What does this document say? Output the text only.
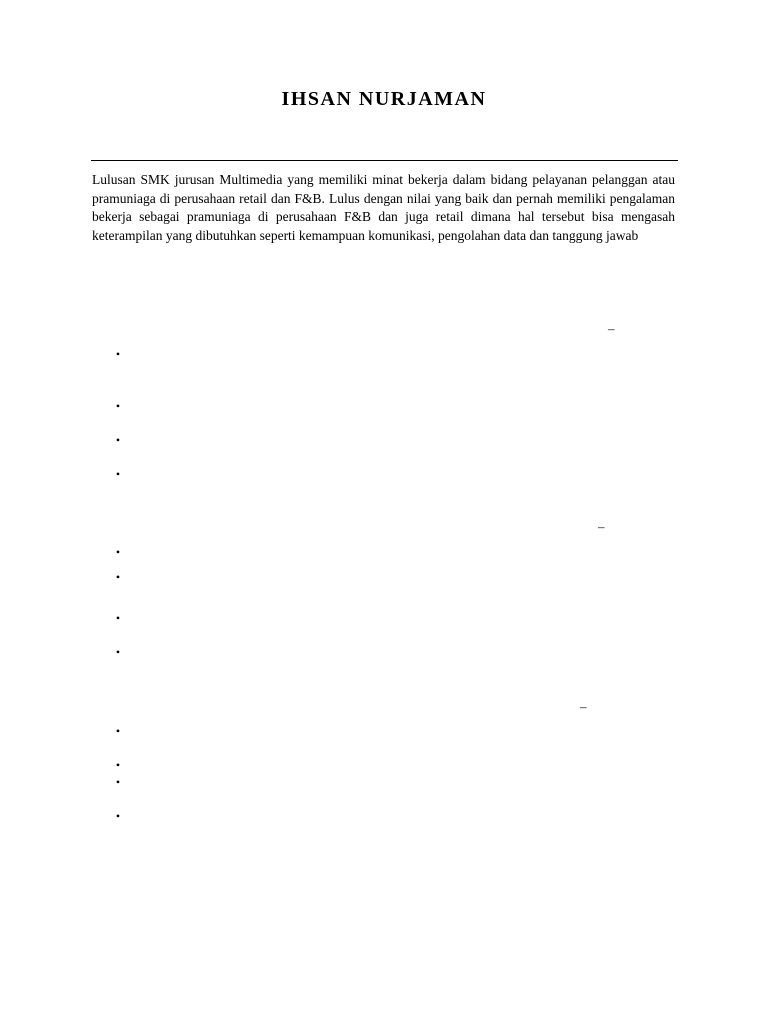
IHSAN NURJAMAN
Lulusan SMK jurusan Multimedia yang memiliki minat bekerja dalam bidang pelayanan pelanggan atau pramuniaga di perusahaan retail dan F&B. Lulus dengan nilai yang baik dan pernah memiliki pengalaman bekerja sebagai pramuniaga di perusahaan F&B dan juga retail dimana hal tersebut bisa mengasah keterampilan yang dibutuhkan seperti kemampuan komunikasi, pengolahan data dan tanggung jawab
–
•
•
•
•
–
•
•
•
•
–
•
•
•
•
